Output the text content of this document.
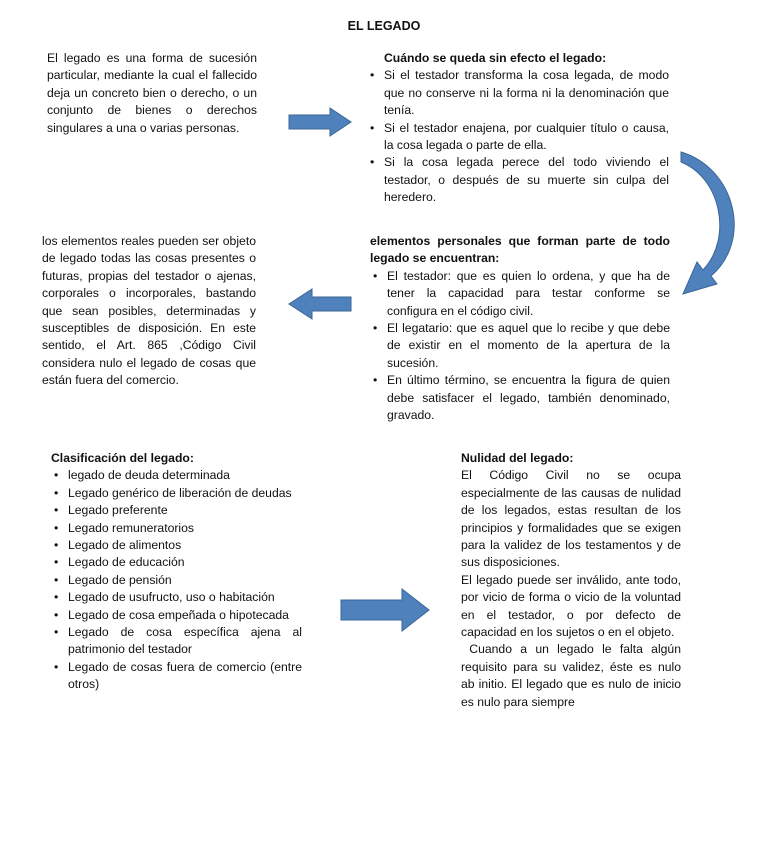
EL LEGADO
El legado es una forma de sucesión particular, mediante la cual el fallecido deja un concreto bien o derecho, o un conjunto de bienes o derechos singulares a una o varias personas.
Cuándo se queda sin efecto el legado:
• Si el testador transforma la cosa legada, de modo que no conserve ni la forma ni la denominación que tenía.
• Si el testador enajena, por cualquier título o causa, la cosa legada o parte de ella.
• Si la cosa legada perece del todo viviendo el testador, o después de su muerte sin culpa del heredero.
elementos personales que forman parte de todo legado se encuentran:
• El testador: que es quien lo ordena, y que ha de tener la capacidad para testar conforme se configura en el código civil.
• El legatario: que es aquel que lo recibe y que debe de existir en el momento de la apertura de la sucesión.
• En último término, se encuentra la figura de quien debe satisfacer el legado, también denominado, gravado.
los elementos reales pueden ser objeto de legado todas las cosas presentes o futuras, propias del testador o ajenas, corporales o incorporales, bastando que sean posibles, determinadas y susceptibles de disposición. En este sentido, el Art. 865 ,Código Civil considera nulo el legado de cosas que están fuera del comercio.
Clasificación del legado:
• legado de deuda determinada
• Legado genérico de liberación de deudas
• Legado preferente
• Legado remuneratorios
• Legado de alimentos
• Legado de educación
• Legado de pensión
• Legado de usufructo, uso o habitación
• Legado de cosa empeñada o hipotecada
• Legado de cosa específica ajena al patrimonio del testador
• Legado de cosas fuera de comercio (entre otros)
Nulidad del legado:
El Código Civil no se ocupa especialmente de las causas de nulidad de los legados, estas resultan de los principios y formalidades que se exigen para la validez de los testamentos y de sus disposiciones.
El legado puede ser inválido, ante todo, por vicio de forma o vicio de la voluntad en el testador, o por defecto de capacidad en los sujetos o en el objeto.
Cuando a un legado le falta algún requisito para su validez, éste es nulo ab initio. El legado que es nulo de inicio es nulo para siempre
